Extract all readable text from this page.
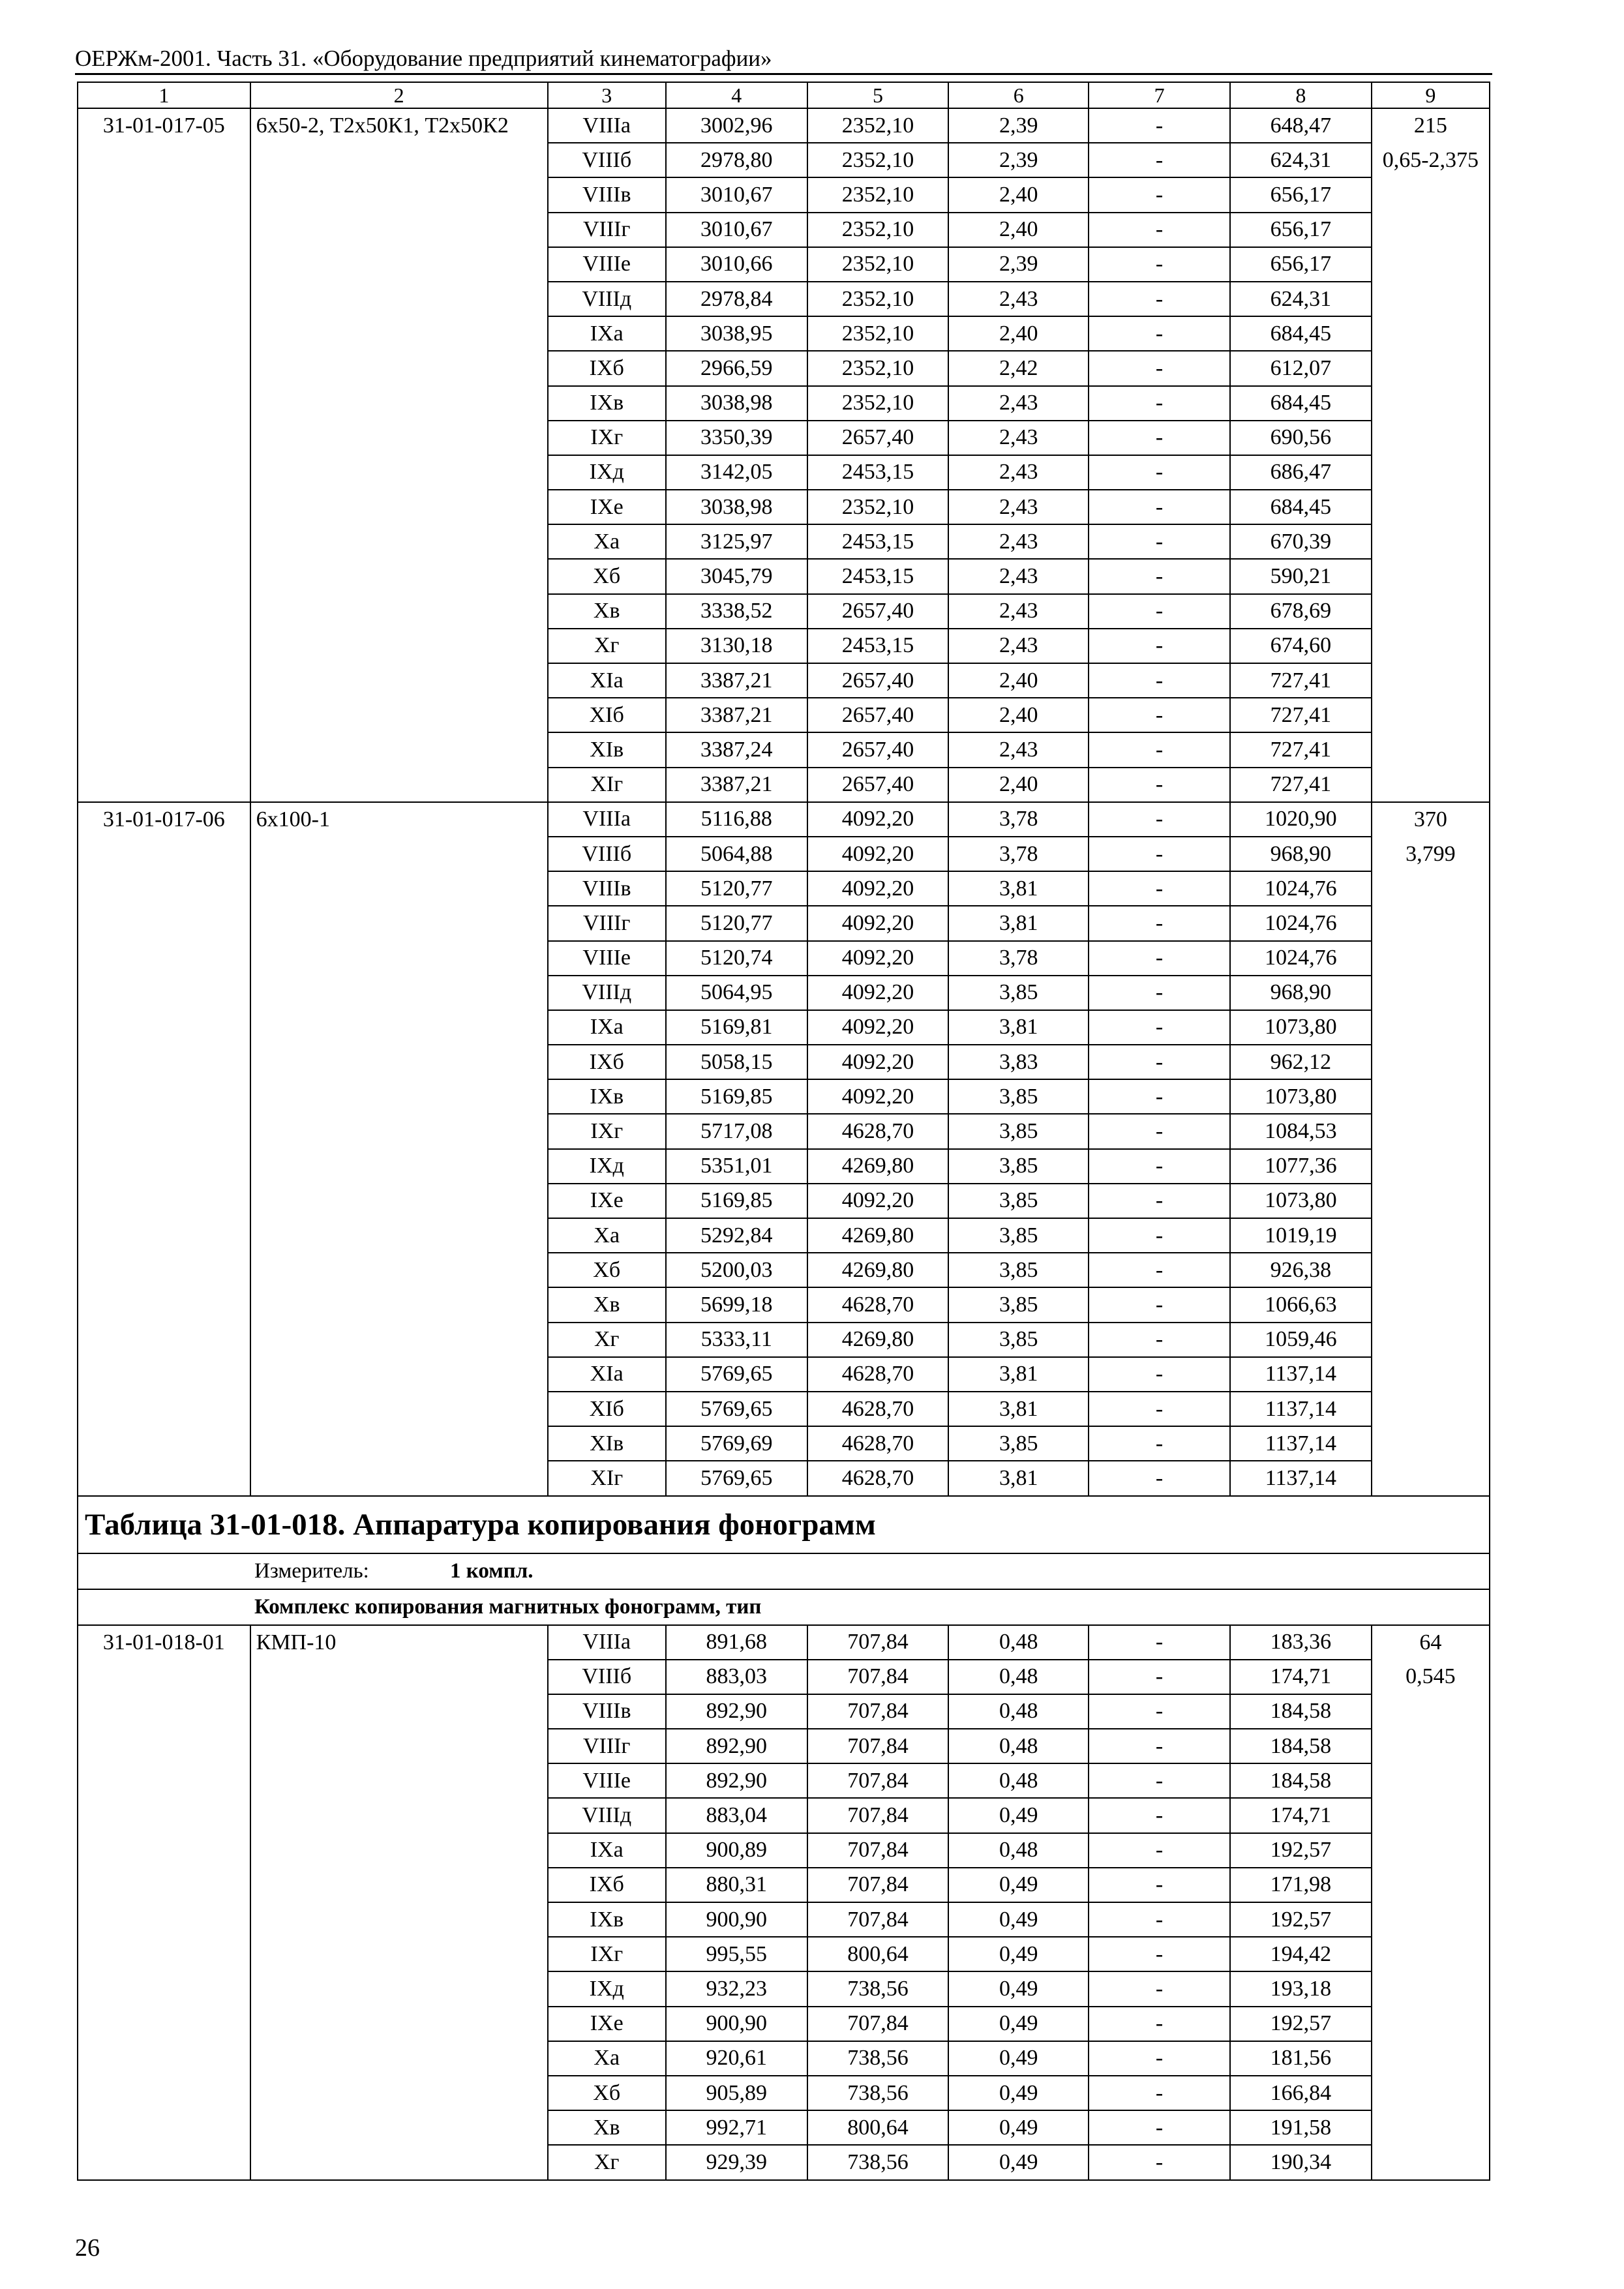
ОЕРЖм-2001. Часть 31. «Оборудование предприятий кинематографии»
1	2	3	4	5	6	7	8	9
31-01-017-05	6х50-2, Т2х50К1, Т2х50К2	VIIIа	3002,96	2352,10	2,39	-	648,47	215
		VIIIб	2978,80	2352,10	2,39	-	624,31	0,65-2,375
		VIIIв	3010,67	2352,10	2,40	-	656,17	
		VIIIг	3010,67	2352,10	2,40	-	656,17	
		VIIIе	3010,66	2352,10	2,39	-	656,17	
		VIIIд	2978,84	2352,10	2,43	-	624,31	
		IXа	3038,95	2352,10	2,40	-	684,45	
		IXб	2966,59	2352,10	2,42	-	612,07	
		IXв	3038,98	2352,10	2,43	-	684,45	
		IXг	3350,39	2657,40	2,43	-	690,56	
		IXд	3142,05	2453,15	2,43	-	686,47	
		IXе	3038,98	2352,10	2,43	-	684,45	
		Xа	3125,97	2453,15	2,43	-	670,39	
		Xб	3045,79	2453,15	2,43	-	590,21	
		Xв	3338,52	2657,40	2,43	-	678,69	
		Xг	3130,18	2453,15	2,43	-	674,60	
		XIа	3387,21	2657,40	2,40	-	727,41	
		XIб	3387,21	2657,40	2,40	-	727,41	
		XIв	3387,24	2657,40	2,43	-	727,41	
		XIг	3387,21	2657,40	2,40	-	727,41	
31-01-017-06	6х100-1	VIIIа	5116,88	4092,20	3,78	-	1020,90	370
		VIIIб	5064,88	4092,20	3,78	-	968,90	3,799
		VIIIв	5120,77	4092,20	3,81	-	1024,76	
		VIIIг	5120,77	4092,20	3,81	-	1024,76	
		VIIIе	5120,74	4092,20	3,78	-	1024,76	
		VIIIд	5064,95	4092,20	3,85	-	968,90	
		IXа	5169,81	4092,20	3,81	-	1073,80	
		IXб	5058,15	4092,20	3,83	-	962,12	
		IXв	5169,85	4092,20	3,85	-	1073,80	
		IXг	5717,08	4628,70	3,85	-	1084,53	
		IXд	5351,01	4269,80	3,85	-	1077,36	
		IXе	5169,85	4092,20	3,85	-	1073,80	
		Xа	5292,84	4269,80	3,85	-	1019,19	
		Xб	5200,03	4269,80	3,85	-	926,38	
		Xв	5699,18	4628,70	3,85	-	1066,63	
		Xг	5333,11	4269,80	3,85	-	1059,46	
		XIа	5769,65	4628,70	3,81	-	1137,14	
		XIб	5769,65	4628,70	3,81	-	1137,14	
		XIв	5769,69	4628,70	3,85	-	1137,14	
		XIг	5769,65	4628,70	3,81	-	1137,14	
Таблица 31-01-018. Аппаратура копирования фонограмм								
Измеритель: 1 компл.								
Комплекс копирования магнитных фонограмм, тип								
31-01-018-01	КМП-10	VIIIа	891,68	707,84	0,48	-	183,36	64
		VIIIб	883,03	707,84	0,48	-	174,71	0,545
		VIIIв	892,90	707,84	0,48	-	184,58	
		VIIIг	892,90	707,84	0,48	-	184,58	
		VIIIе	892,90	707,84	0,48	-	184,58	
		VIIIд	883,04	707,84	0,49	-	174,71	
		IXа	900,89	707,84	0,48	-	192,57	
		IXб	880,31	707,84	0,49	-	171,98	
		IXв	900,90	707,84	0,49	-	192,57	
		IXг	995,55	800,64	0,49	-	194,42	
		IXд	932,23	738,56	0,49	-	193,18	
		IXе	900,90	707,84	0,49	-	192,57	
		Xа	920,61	738,56	0,49	-	181,56	
		Xб	905,89	738,56	0,49	-	166,84	
		Xв	992,71	800,64	0,49	-	191,58	
		Xг	929,39	738,56	0,49	-	190,34	
26
